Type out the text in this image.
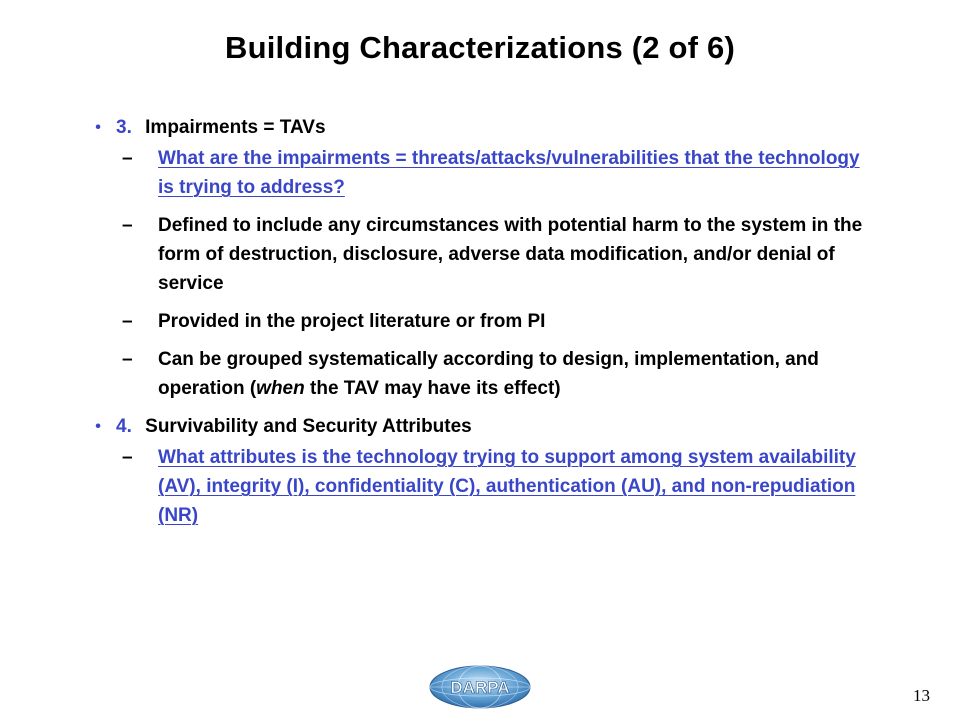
Building Characterizations (2 of 6)
• 3. Impairments = TAVs
–	What are the impairments = threats/attacks/vulnerabilities that the technology is trying to address?
–	Defined to include any circumstances with potential harm to the system in the form of destruction, disclosure, adverse data modification, and/or denial of service
–	Provided in the project literature or from PI
–	Can be grouped systematically according to design, implementation, and operation (when the TAV may have its effect)
• 4. Survivability and Security Attributes
–	What attributes is the technology trying to support among system availability (AV), integrity (I), confidentiality (C), authentication (AU), and non-repudiation (NR)
DARPA	13
